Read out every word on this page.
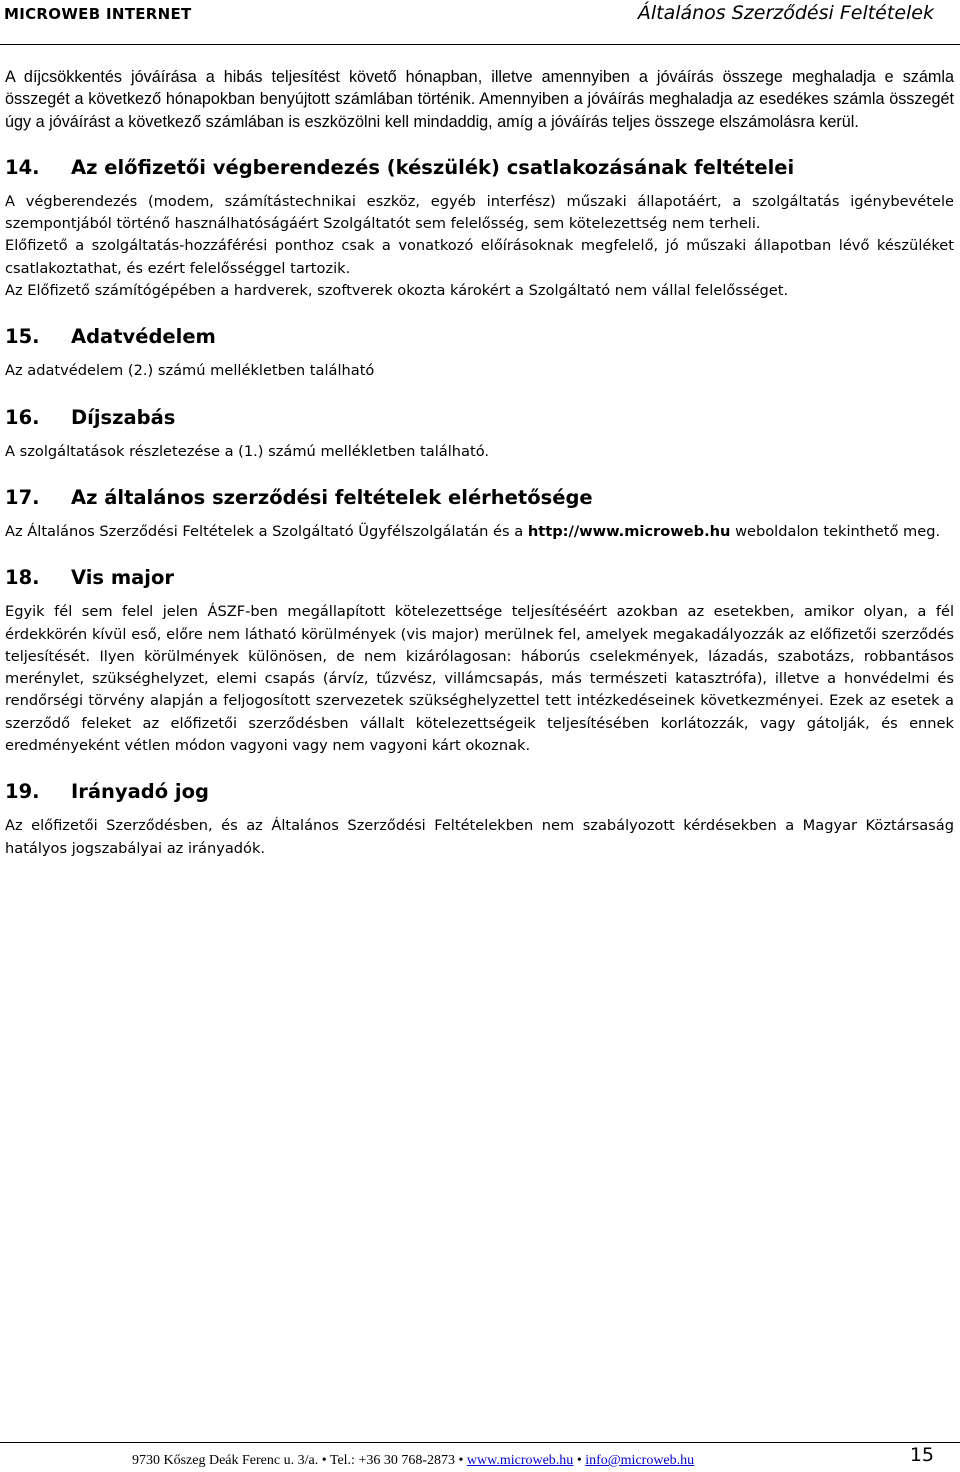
MICROWEB INTERNET	Általános Szerződési Feltételek

A díjcsökkentés jóváírása a hibás teljesítést követő hónapban, illetve amennyiben a jóváírás összege meghaladja e számla összegét a következő hónapokban benyújtott számlában történik. Amennyiben a jóváírás meghaladja az esedékes számla összegét úgy a jóváírást a következő számlában is eszközölni kell mindaddig, amíg a jóváírás teljes összege elszámolásra kerül.

14. Az előfizetői végberendezés (készülék) csatlakozásának feltételei

A végberendezés (modem, számítástechnikai eszköz, egyéb interfész) műszaki állapotáért, a szolgáltatás igénybevétele szempontjából történő használhatóságáért Szolgáltatót sem felelősség, sem kötelezettség nem terheli.

Előfizető a szolgáltatás-hozzáférési ponthoz csak a vonatkozó előírásoknak megfelelő, jó műszaki állapotban lévő készüléket csatlakoztathat, és ezért felelősséggel tartozik.

Az Előfizető számítógépében a hardverek, szoftverek okozta károkért a Szolgáltató nem vállal felelősséget.

15. Adatvédelem

Az adatvédelem (2.) számú mellékletben található

16. Díjszabás

A szolgáltatások részletezése a (1.) számú mellékletben található.

17. Az általános szerződési feltételek elérhetősége

Az Általános Szerződési Feltételek a Szolgáltató Ügyfélszolgálatán és a http://www.microweb.hu weboldalon tekinthető meg.

18. Vis major

Egyik fél sem felel jelen ÁSZF-ben megállapított kötelezettsége teljesítéséért azokban az esetekben, amikor olyan, a fél érdekkörén kívül eső, előre nem látható körülmények (vis major) merülnek fel, amelyek megakadályozzák az előfizetői szerződés teljesítését. Ilyen körülmények különösen, de nem kizárólagosan: háborús cselekmények, lázadás, szabotázs, robbantásos merénylet, szükséghelyzet, elemi csapás (árvíz, tűzvész, villámcsapás, más természeti katasztrófa), illetve a honvédelmi és rendőrségi törvény alapján a feljogosított szervezetek szükséghelyzettel tett intézkedéseinek következményei. Ezek az esetek a szerződő feleket az előfizetői szerződésben vállalt kötelezettségeik teljesítésében korlátozzák, vagy gátolják, és ennek eredményeként vétlen módon vagyoni vagy nem vagyoni kárt okoznak.

19. Irányadó jog

Az előfizetői Szerződésben, és az Általános Szerződési Feltételekben nem szabályozott kérdésekben a Magyar Köztársaság hatályos jogszabályai az irányadók.

9730 Kőszeg Deák Ferenc u. 3/a. • Tel.: +36 30 768-2873 • www.microweb.hu • info@microweb.hu	15
